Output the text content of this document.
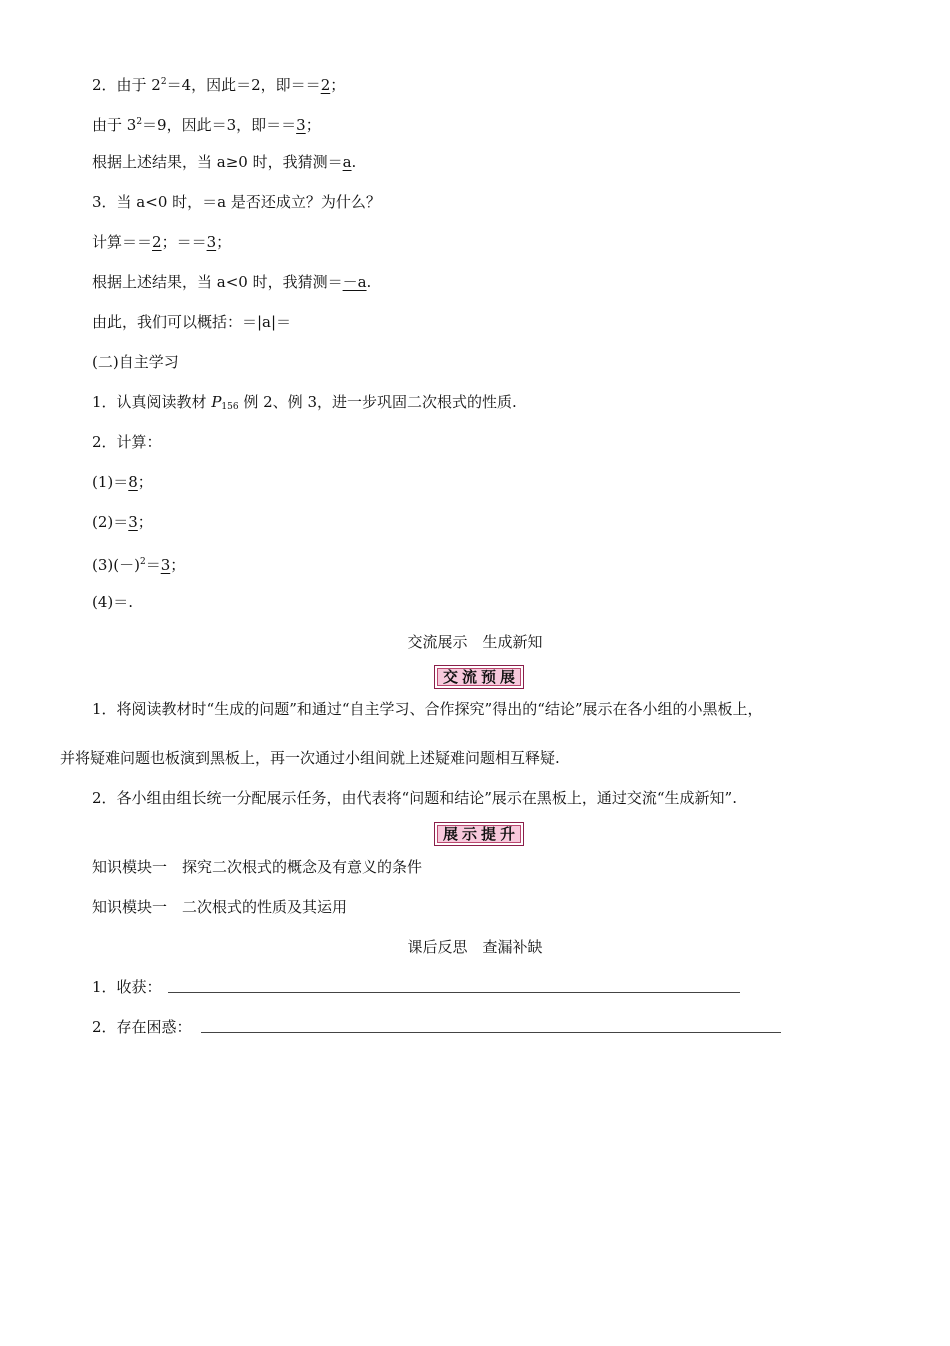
2．由于 $2^2=4$，因此＝2，即＝＝2；
由于 $3^2=9$，因此＝3，即＝＝3；
根据上述结果，当 a≥0 时，我猜测＝a.
3．当 a<0 时，＝a 是否还成立？为什么？
计算＝＝2；＝＝3；
根据上述结果，当 a<0 时，我猜测＝－a.
由此，我们可以概括：＝|a|＝
(二)自主学习
1．认真阅读教材 $P_{156}$ 例 2、例 3，进一步巩固二次根式的性质.
2．计算：
(1)＝8；
(2)＝3；
$(3)(-)^2=3$；
(4)＝.
交流展示　生成新知
交流预展
1．将阅读教材时“生成的问题”和通过“自主学习、合作探究”得出的“结论”展示在各小组的小黑板上，
并将疑难问题也板演到黑板上，再一次通过小组间就上述疑难问题相互释疑.
2．各小组由组长统一分配展示任务，由代表将“问题和结论”展示在黑板上，通过交流“生成新知”.
展示提升
知识模块一　探究二次根式的概念及有意义的条件
知识模块一　二次根式的性质及其运用
课后反思　查漏补缺
1．收获：
2．存在困惑：
